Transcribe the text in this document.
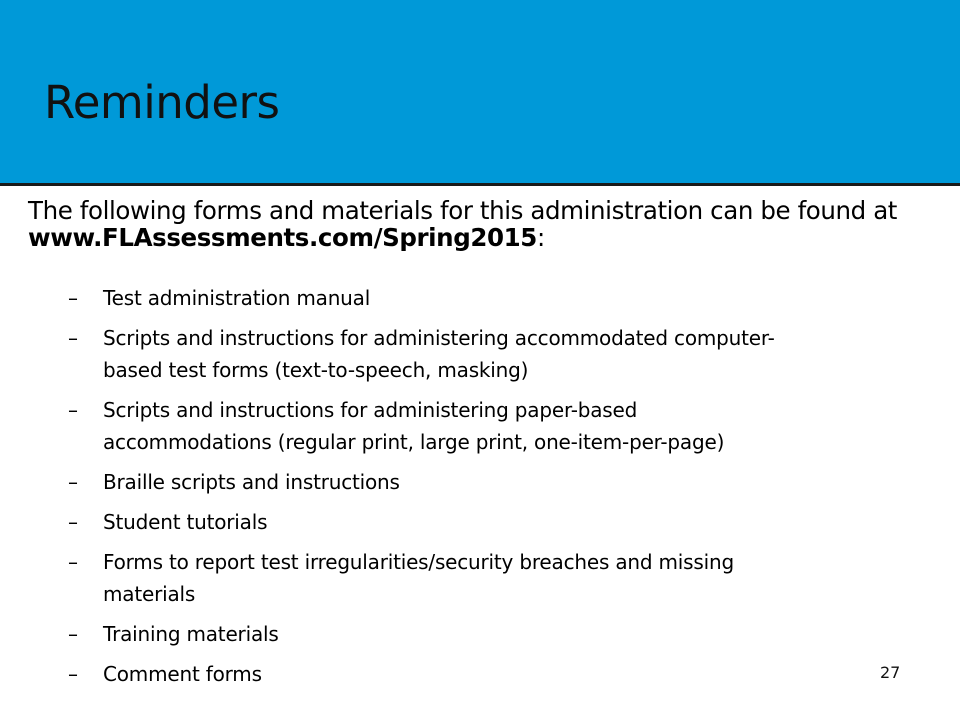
Reminders

The following forms and materials for this administration can be found at www.FLAssessments.com/Spring2015:

– Test administration manual
– Scripts and instructions for administering accommodated computer-
based test forms (text-to-speech, masking)
– Scripts and instructions for administering paper-based
accommodations (regular print, large print, one-item-per-page)
– Braille scripts and instructions
– Student tutorials
– Forms to report test irregularities/security breaches and missing
materials
– Training materials
– Comment forms	27
